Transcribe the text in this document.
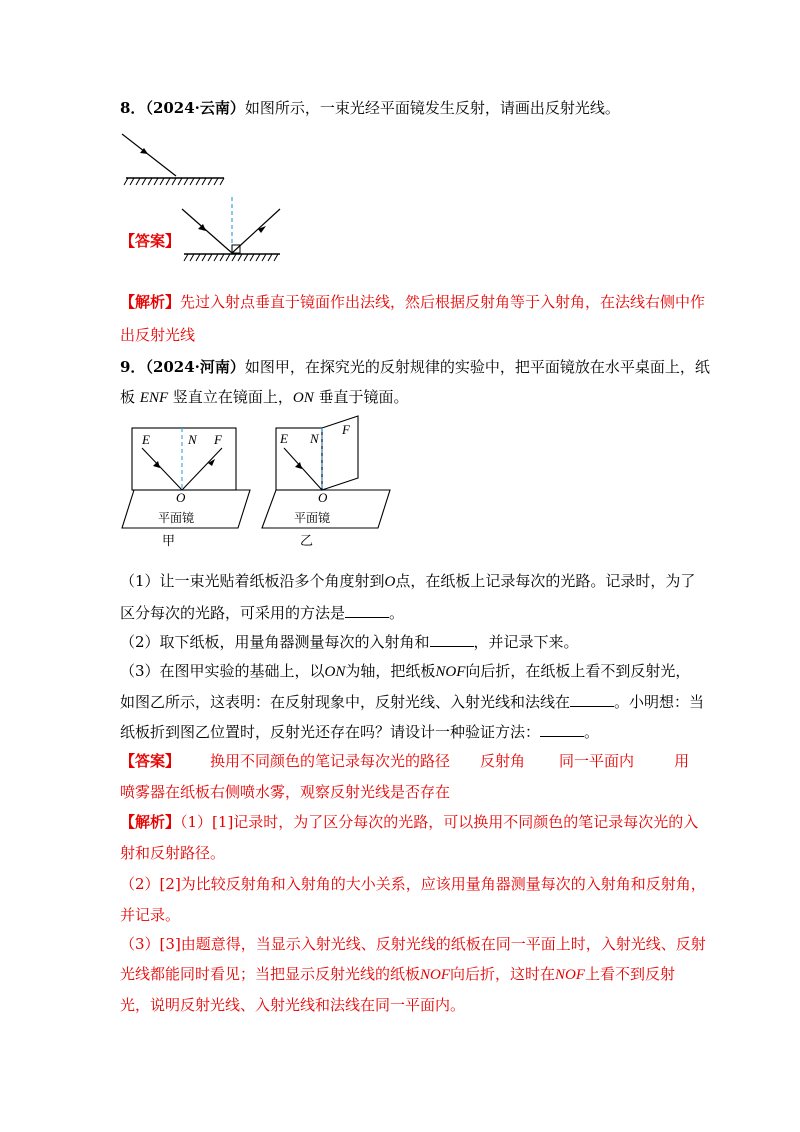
8．（2024·云南）如图所示，一束光经平面镜发生反射，请画出反射光线。
【答案】
【解析】先过入射点垂直于镜面作出法线，然后根据反射角等于入射角，在法线右侧中作
出反射光线
9．（2024·河南）如图甲，在探究光的反射规律的实验中，把平面镜放在水平桌面上，纸
板 ENF 竖直立在镜面上，ON 垂直于镜面。
E	N F
O
平面镜
甲
E N
F
O
平面镜
乙
（1）让一束光贴着纸板沿多个角度射到O点，在纸板上记录每次的光路。记录时，为了
区分每次的光路，可采用的方法是	。
（2）取下纸板，用量角器测量每次的入射角和	，并记录下来。
（3）在图甲实验的基础上，以ON为轴，把纸板NOF向后折，在纸板上看不到反射光，
如图乙所示，这表明：在反射现象中，反射光线、入射光线和法线在	。小明想：当
纸板折到图乙位置时，反射光还存在吗？请设计一种验证方法：	。
【答案】 换用不同颜色的笔记录每次光的路径 反射角 同一平面内	用
喷雾器在纸板右侧喷水雾，观察反射光线是否存在
【解析】（1）[1]记录时，为了区分每次的光路，可以换用不同颜色的笔记录每次光的入
射和反射路径。
（2）[2]为比较反射角和入射角的大小关系，应该用量角器测量每次的入射角和反射角，
并记录。
（3）[3]由题意得，当显示入射光线、反射光线的纸板在同一平面上时，入射光线、反射
光线都能同时看见；当把显示反射光线的纸板NOF向后折，这时在NOF上看不到反射
光，说明反射光线、入射光线和法线在同一平面内。
